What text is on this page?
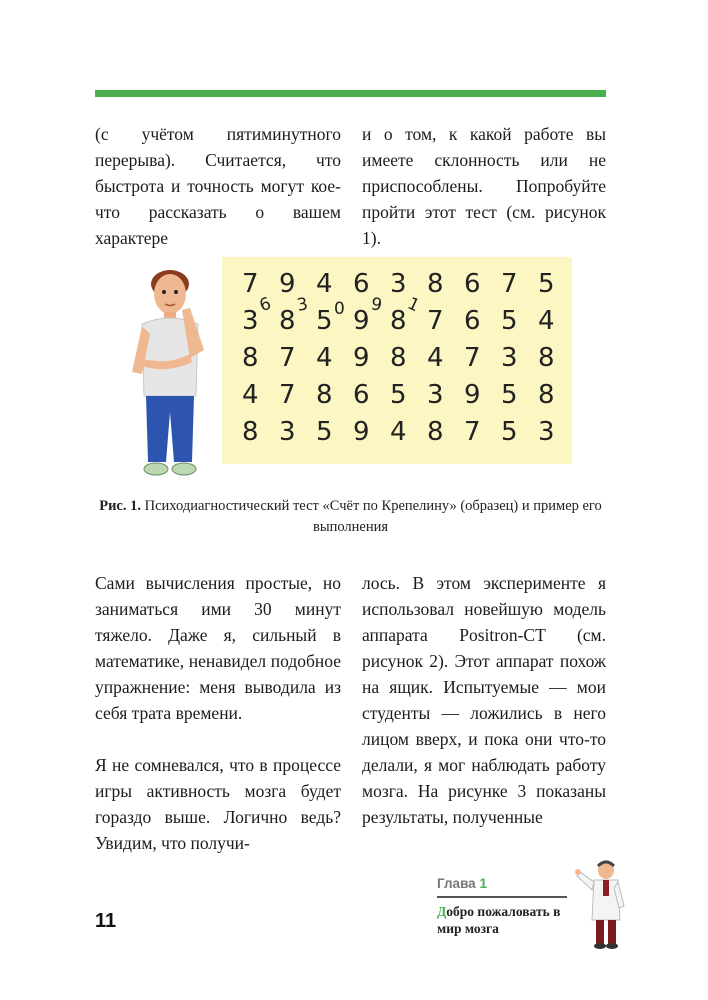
(с учётом пятиминутного перерыва). Считается, что быстрота и точность могут кое-что рассказать о вашем характере

и о том, к какой работе вы имеете склонность или не приспособлены. Попробуйте пройти этот тест (см. рисунок 1).

7 9 4 6 3 8 6 7 5
3 8 5 9 8 7 6 5 4
8 7 4 9 8 4 7 3 8
4 7 8 6 5 3 9 5 8
8 3 5 9 4 8 7 5 3
6 3 0 9 1
Рис. 1. Психодиагностический тест «Счёт по Крепелину» (образец) и пример его выполнения

Сами вычисления простые, но заниматься ими 30 минут тяжело. Даже я, сильный в математике, ненавидел подобное упражнение: меня выводила из себя трата времени.

Я не сомневался, что в процессе игры активность мозга будет гораздо выше. Логично ведь? Увидим, что получи-

лось. В этом эксперименте я использовал новейшую модель аппарата Positron-CT (см. рисунок 2). Этот аппарат похож на ящик. Испытуемые — мои студенты — ложились в него лицом вверх, и пока они что-то делали, я мог наблюдать работу мозга. На рисунке 3 показаны результаты, полученные

11
Глава 1
Добро пожаловать в мир мозга
